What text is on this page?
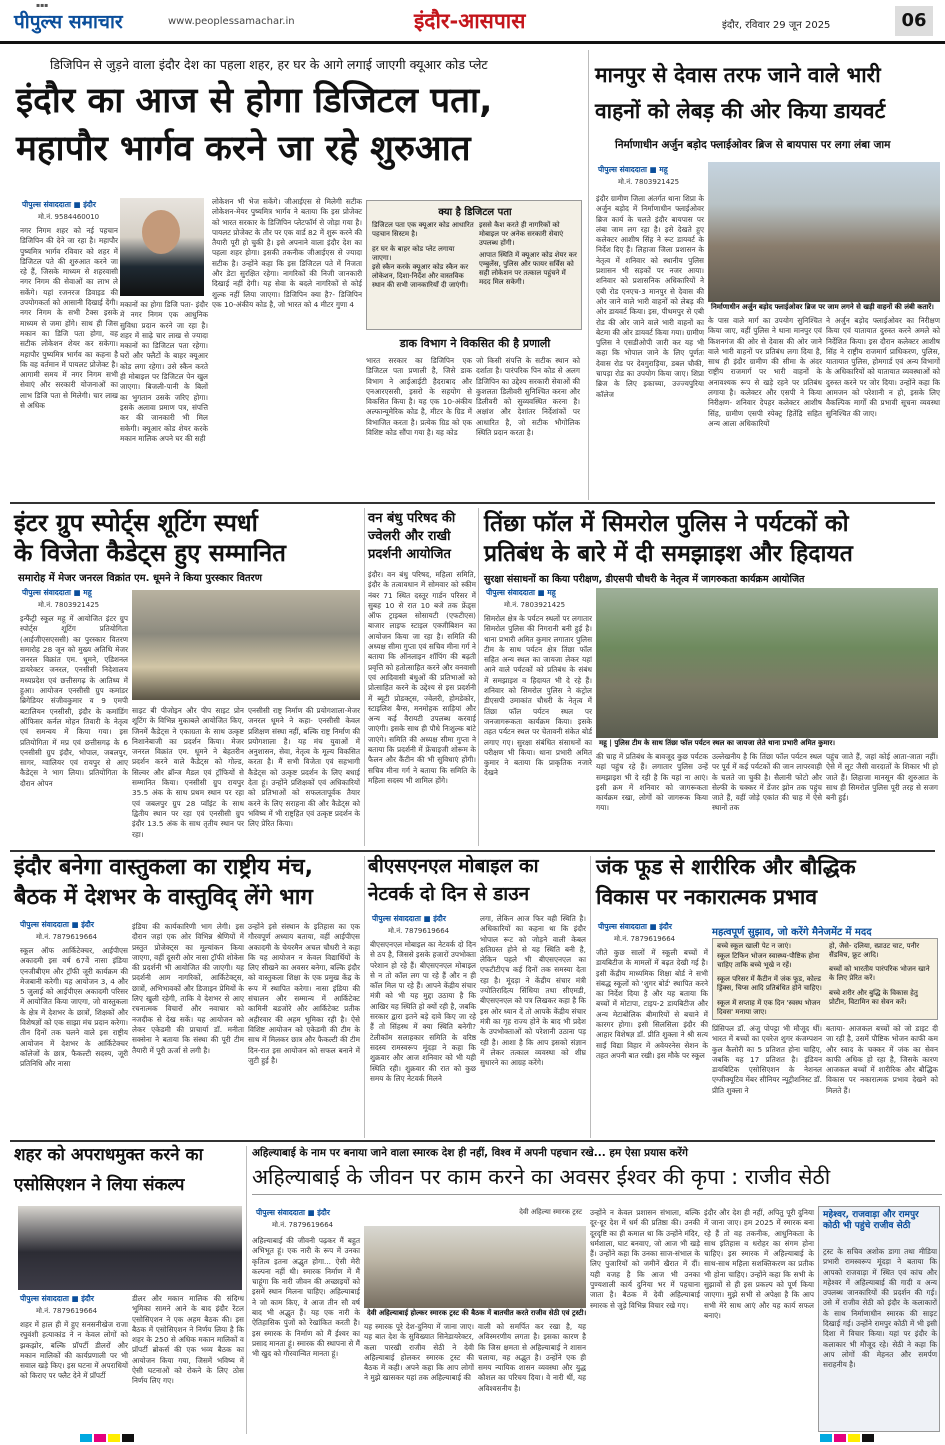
▪▪▪
पीपुल्स समाचार	www.peoplessamachar.in	इंदौर-आसपास	इंदौर, रविवार 29 जून 2025	06
डिजिपिन से जुड़ने वाला इंदौर देश का पहला शहर, हर घर के आगे लगाई जाएगी क्यूआर कोड प्लेट
इंदौर का आज से होगा डिजिटल पता,
महापौर भार्गव करने जा रहे शुरुआत
पीपुल्स संवाददाता ■ इंदौर
मो.नं. 9584460010
नगर निगम शहर को नई पहचान डिजिपिन की देने जा रहा है। महापौर पुष्यमित्र भार्गव रविवार को शहर में डिजिटल पते की शुरुआत करने जा रहे हैं, जिसके माध्यम से शहरवासी नगर निगम की सेवाओं का लाभ ले सकेंगे। यहां रजनरज डिवाइड की उपयोगकर्ता को आसानी दिखाई देंगी। नगर निगम के सभी टैक्स इसके माध्यम से जमा होंगे। साथ ही जिस मकान का डिजि पता होगा, वह सटीक लोकेशन शेयर कर सकेगा। महापौर पुष्यमित्र भार्गव का कहना है कि वह वर्तमान में पायलट प्रोजेक्ट है। आगामी समय में नगर निगम सभी सेवाएं और सरकारी योजनाओं का लाभ डिजि पता से मिलेगी। चार लाख से अधिक
मकानों का होगा डिजि पता- इंदौर में नगर निगम एक आधुनिक सुविधा प्रदान करने जा रहा है। शहर में साढ़े चार लाख से ज्यादा मकानों का डिजिटल पता रहेगा। घरों और फ्लैटों के बाहर क्यूआर कोड लगा रहेगा। उसे स्कैन करते ही मोबाइल पर डिजिटल पेन खुल जाएगा। बिजली-पानी के बिलों का भुगतान उसके जरिए होगा। इसके अलावा प्रमाण पत्र, संपत्ति कर की जानकारी भी मिल सकेगी। क्यूआर कोड शेयर करके मकान मालिक अपने घर की सही
लोकेशन भी भेज सकेंगे। जीआईएस से मिलेगी सटीक लोकेशन-मेयर पुष्यमित्र भार्गव ने बताया कि इस प्रोजेक्ट को भारत सरकार के डिजिपिन प्लेटफॉर्म से जोड़ा गया है। पायलट प्रोजेक्ट के तौर पर एक वार्ड 82 में शुरू करने की तैयारी पूरी हो चुकी है। इसे अपनाने वाला इंदौर देश का पहला शहर होगा। इसकी तकनीक जीआईएस से ज्यादा सटीक है। उन्होंने कहा कि इस डिजिटल पते में निजता और डेटा सुरक्षित रहेगा। नागरिकों की निजी जानकारी दिखाई नहीं देगी। यह सेवा के बदले नागरिकों से कोई शुल्क नहीं लिया जाएगा। डिजिपिन क्या है?- डिजिपिन एक 10-अंकीय कोड है, जो भारत को 4 मीटर गुणा 4
क्या है डिजिटल पता
डिजिटल पता एक क्यूआर कोड आधारित पहचान सिस्टम है।
हर घर के बाहर कोड प्लेट लगाया जाएगा।
इसे स्कैन करके क्यूआर कोड स्कैन कर लोकेशन, दिशा-निर्देश और वास्तविक स्थान की सभी जानकारियाँ दी जाएंगी।
इससे कैश करते ही नागरिकों को मोबाइल पर अनेक सरकारी सेवाएं उपलब्ध होंगी।
आपात स्थिति में क्यूआर कोड शेयर कर एम्बुलेंस, पुलिस और फायर सर्विस को सही लोकेशन पर तत्काल पहुंचने में मदद मिल सकेगी।
डाक विभाग ने विकसित की है प्रणाली
भारत सरकार का डिजिपिन एक डिजिटल पता प्रणाली है, जिसे डाक विभाग ने आईआईटी हैदराबाद और एनआरएससी, इसरो के सहयोग से विकसित किया है। यह एक 10-अंकीय अल्फान्यूमेरिक कोड है, मीटर के ग्रिड में विभाजित करता है। प्रत्येक ग्रिड को एक विशिष्ट कोड सौंपा गया है। यह कोड
जो किसी संपत्ति के सटीक स्थान को दर्शाता है। पारंपरिक पिन कोड से अलग डिजिपिन का उद्देश्य सरकारी सेवाओं की कुशलता डिलीवरी सुनिश्चित करना और डिलीवरी को सुव्यवस्थित करना है। अक्षांश और देशांतर निर्देशांकों पर आधारित है, जो सटीक भौगोलिक स्थिति प्रदान करता है।
मानपुर से देवास तरफ जाने वाले भारी
वाहनों को लेबड़ की ओर किया डायवर्ट
निर्माणाधीन अर्जुन बड़ोद फ्लाईओवर ब्रिज से बायपास पर लगा लंबा जाम
पीपुल्स संवाददाता ■ महू
मो.नं. 7803921425
इंदौर ग्रामीण जिला अंतर्गत थाना शिप्रा के अर्जुन बड़ोद में निर्माणाधीन फ्लाईओवर ब्रिज कार्य के चलते इंदौर बायपास पर लंबा जाम लग रहा है। इसे देखते हुए कलेक्टर आशीष सिंह ने रूट डायवर्ट के निर्देश दिए हैं। लिहाजा जिला प्रशासन के नेतृत्व में शनिवार को स्थानीय पुलिस प्रशासन भी सड़कों पर नजर आया। शनिवार को प्रशासनिक अधिकारियों ने एबी रोड एनएच-3 मानपुर से देवास की ओर जाने वाले भारी वाहनों को लेबड़ की ओर डायवर्ट किया। इस, पीथमपुर से एबी रोड की ओर जाने वाले भारी वाहनों का बेटमा की ओर डायवर्ट किया गया। ग्रामीण पुलिस ने एसडीओपी जारी कर यह भी कहा कि भोपाल जाने के लिए पूर्णतः देवास रोड पर देवगुराड़िया, डबल चौकी, चापड़ा रोड का उपयोग किया जाए। शिप्रा ब्रिज के लिए इकाच्या, उज्ज्यपुरिया कॉलेज
निर्माणाधीन अर्जुन बड़ोद फ्लाईओवर ब्रिज पर जाम लगने से खड़ी वाहनों की लंबी कतारें।
के पास वाले मार्ग का उपयोग सुनिश्चित किया जाए, वहीं पुलिस ने थाना मानपुर एवं किशनगंज की ओर से देवास की ओर जाने वाले भारी वाहनों पर प्रतिबंध लगा दिया है, साथ ही इंदौर ग्रामीण की सीमा के अंदर राष्ट्रीय राजमार्ग पर भारी वाहनों के अनावश्यक रूप से खड़े रहने पर प्रतिबंध लगाया है। कलेक्टर और एसपी ने किया निरीक्षण- शनिवार देपहर कलेक्टर आशीष सिंह, ग्रामीण एसपी स्पेक्ट्र हितेंद्रि सहित अन्य आला अधिकारियों
ने अर्जुन बड़ोद फ्लाईओवर का निरीक्षण किया एवं यातायात दुरुस्त करने अमले को निर्देशित किया। इस दौरान कलेक्टर आशीष सिंह ने राष्ट्रीय राजमार्ग प्राधिकरण, पुलिस, यातायात पुलिस, होमगार्ड एवं अन्य विभागों के अधिकारियों को यातायात व्यवस्थाओं को दुरुस्त करने पर जोर दिया। उन्होंने कहा कि आमजन को परेशानी न हो, इसके लिए वैकल्पिक मार्गों की प्रभावी सूचना व्यवस्था सुनिश्चित की जाए।
इंटर ग्रुप स्पोर्ट्स शूटिंग स्पर्धा
के विजेता कैडेट्स हुए सम्मानित
समारोह में मेजर जनरल विक्रांत एम. धूमने ने किया पुरस्कार वितरण
पीपुल्स संवाददाता ■ महू
मो.नं. 7803921425
इन्फैंट्री स्कूल महू में आयोजित इंटर ग्रुप स्पोर्ट्स शूटिंग प्रतियोगिता (आईजीएसएससी) का पुरस्कार वितरण समारोह 28 जून को मुख्य अतिथि मेजर जनरल विक्रांत एम. धूमने, एडिशनल डायरेक्टर जनरल, एनसीसी निदेशालय मध्यप्रदेश एवं छत्तीसगढ़ के आतिथ्य में हुआ। आयोजन एनसीसी ग्रुप कमांडर ब्रिगेडियर संजीवकुमार व 9 एमपी बटालियन एनसीसी, इंदौर के कमांडिंग ऑफिसर कर्नल मोहन तिवारी के नेतृत्व एवं समन्वय में किया गया। इस प्रतियोगिता में मप्र एवं छत्तीसगढ़ के 6 एनसीसी ग्रुप इंदौर, भोपाल, जबलपुर, सागर, ग्वालियर एवं रायपुर से आए कैडेट्स ने भाग लिया। प्रतियोगिता के दौरान ओपन
साइट बी पीजोइन और पीप साइट प्रोन शूटिंग के विभिन्न मुकाबले आयोजित किए, जिनमें कैडेट्स ने एकाग्रता के साथ उत्कृष्ट निशानेबाजी का प्रदर्शन किया। मेजर जनरल विक्रांत एम. धूमने ने बेहतरीन प्रदर्शन करने वाले कैडेट्स को गोल्ड, सिल्वर और ब्रॉन्ज मैडल एवं ट्रॉफियों से सम्मानित किया। एनसीसी ग्रुप रायपुर 35.5 अंक के साथ प्रथम स्थान पर रहा एवं जबलपुर ग्रुप 28 प्वॉइंट के साथ द्वितीय स्थान पर रहा एवं एनसीसी ग्रुप इंदौर 13.5 अंक के साथ तृतीय स्थान पर रहा।
एनसीसी राष्ट्र निर्माण की प्रयोगशाला-मेजर जनरल धूमने ने कहा- एनसीसी केवल प्रशिक्षण संस्था नहीं, बल्कि राष्ट्र निर्माण की प्रयोगशाला है। यह मंच युवाओं में अनुशासन, सेवा, नेतृत्व के मूल्य विकसित करता है। मैं सभी विजेता एवं सहभागी कैडेट्स को उत्कृष्ट प्रदर्शन के लिए बधाई देता हूं। उन्होंने प्रशिक्षकों एवं अधिकारियों को प्रतिभाओं को सफलतापूर्वक तैयार करने के लिए सराहना की और कैडेट्स को भविष्य में भी राष्ट्रहित एवं उत्कृष्ट प्रदर्शन के लिए प्रेरित किया।
वन बंधु परिषद की
ज्वेलरी और राखी
प्रदर्शनी आयोजित
इंदौर। वन बंधु परिषद, महिला समिति, इंदौर के तत्वावधान में सोमवार को स्कीम नंबर 71 स्थित दस्तूर गार्डन परिसर में सुबह 10 से रात 10 बजे तक फ्रेंड्स ऑफ ट्राइबल सोसायटी (एफटीएस) बाजार लाइफ स्टाइल एक्जीबिशन का आयोजन किया जा रहा है। समिति की अध्यक्ष सीमा गुप्ता एवं सचिव मीना गर्ग ने बताया कि ऑनलाइन शॉपिंग की बढ़ती प्रवृत्ति को हतोत्साहित करने और वनवासी एवं आदिवासी बंधुओं की प्रतिभाओं को प्रोत्साहित करने के उद्देश्य से इस प्रदर्शनी में ब्यूटी प्रोडक्ट्स, ज्वेलरी, होमडेकोर, स्टाइलिश बैग्स, मनमोहक साड़ियां और अन्य कई वैरायटी उपलब्ध करवाई जाएंगी। इसके साथ ही पौधे निःशुल्क बांटे जाएंगे। समिति की अध्यक्ष सीमा गुप्ता ने बताया कि प्रदर्शनी में फ्रेंचाइजी शोरूम के फैलन और कैंटीन की भी सुविधाएं होंगी। सचिव मीना गर्ग ने बताया कि समिति के महिला सदस्य भी शामिल होंगे।
तिंछा फॉल में सिमरोल पुलिस ने पर्यटकों को
प्रतिबंध के बारे में दी समझाइश और हिदायत
सुरक्षा संसाधनों का किया परीक्षण, डीएसपी चौधरी के नेतृत्व में जागरुकता कार्यक्रम आयोजित
पीपुल्स संवाददाता ■ महू
मो.नं. 7803921425
सिमरोल क्षेत्र के पर्यटन स्थलों पर लगातार सिमरोल पुलिस की निगरानी बनी हुई है। थाना प्रभारी अमित कुमार लगातार पुलिस टीम के साथ पर्यटन क्षेत्र तिंछा फॉल सहित अन्य स्थल का जायजा लेकर यहां आने वाले पर्यटकों को प्रतिबंध के संबंध में समझाइश व हिदायत भी दे रहे हैं। शनिवार को सिमरोल पुलिस ने कंट्रोल डीएसपी उमाकांत चौधरी के नेतृत्व में तिंछा फॉल पर्यटन स्थल पर जनजागरूकता कार्यक्रम किया। इसके तहत पर्यटन स्थल पर चेतावनी संकेत बोर्ड लगाए गए। सुरक्षा संबंधित संसाधनों का परीक्षण भी किया। थाना प्रभारी अमित कुमार ने बताया कि प्राकृतिक नजारे देखने
महू | पुलिस टीम के साथ तिंछा फॉल पर्यटन स्थल का जायजा लेते थाना प्रभारी अमित कुमार।
की चाह में प्रतिबंध के बावजूद कुछ पर्यटक यहां पहुंच रहे हैं। लगातार पुलिस उन्हें समझाइश भी दे रही है कि यहां ना आएं। इसी क्रम में शनिवार को जागरूकता कार्यक्रम रखा, लोगों को जागरूक किया गया।
उल्लेखनीय है कि तिंछा फॉल पर्यटन स्थल पर पूर्व में कई पर्यटकों की जान लापरवाही के चलते जा चुकी है। सैलानी फोटो और सेल्फी के चक्कर में डेंजर झोन तक पहुंच जाते हैं, वहीं जोड़े एकांत की चाह में ऐसे स्थानों तक
पहुंच जाते हैं, जहां कोई आता-जाता नहीं। ऐसे में लूट जैसी वारदातों के शिकार भी हो जाते हैं। लिहाजा मानसून की शुरुआत के साथ ही सिमरोल पुलिस पूरी तरह से सजग बनी हुई।
इंदौर बनेगा वास्तुकला का राष्ट्रीय मंच,
बैठक में देशभर के वास्तुविद् लेंगे भाग
पीपुल्स संवाददाता ■ इंदौर
मो.नं. 7879619664
स्कूल ऑफ आर्किटेक्चर, आईपीएस अकादमी इस वर्ष 67वें नासा इंडिया एनजीबीएम और ट्रॉफी जूरी कार्यक्रम की मेजबानी करेगी। यह आयोजन 3, 4 और 5 जुलाई को आईपीएस अकादमी परिसर में आयोजित किया जाएगा, जो वास्तुकला के क्षेत्र में देशभर के छात्रों, शिक्षकों और विशेषज्ञों को एक साझा मंच प्रदान करेगा। तीन दिनों तक चलने वाले इस राष्ट्रीय आयोजन में देशभर के आर्किटेक्चर कॉलेजों के छात्र, फैकल्टी सदस्य, जूरी प्रतिनिधि और नासा
इंडिया की कार्यकारिणी भाग लेगी। इस दौरान जहां एक ओर विभिन्न श्रेणियों में प्रस्तुत प्रोजेक्ट्स का मूल्यांकन किया जाएगा, वहीं दूसरी ओर नासा ट्रॉफी शोकेस की प्रदर्शनी भी आयोजित की जाएगी। यह प्रदर्शनी आम नागरिकों, आर्किटेक्ट्स, छात्रों, अभिभावकों और डिजाइन प्रेमियों के लिए खुली रहेगी, ताकि वे देशभर से आए रचनात्मक विचारों और नवाचार को नजदीक से देख सकें। यह आयोजन को लेकर एकेडमी की प्राचार्या डॉ. मनीता सक्सेना ने बताया कि संस्था की पूरी टीम तैयारी में पूरी ऊर्जा से लगी है।
उन्होंने इसे संस्थान के इतिहास का एक गौरवपूर्ण अध्याय बताया, वहीं आईपीएस अकादमी के चेयरमैन अचल चौधरी ने कहा कि यह आयोजन न केवल विद्यार्थियों के लिए सीखने का अवसर बनेगा, बल्कि इंदौर को वास्तुकला शिक्षा के एक प्रमुख केंद्र के रूप में स्थापित करेगा। नासा इंडिया की संचालन और सम्मान्य में आर्किटेक्ट कामिनी बडजोरे और आर्किटेक्ट प्रतीक अहीरवार की अहम भूमिका रही है। ऐसे विशिष्ट आयोजन को एकेडमी की टीम के साथ में मिलकर छात्र और फैकल्टी की टीम दिन-रात इस आयोजन को सफल बनाने में जुटी हुई है।
बीएसएनएल मोबाइल का
नेटवर्क दो दिन से डाउन
पीपुल्स संवाददाता ■ इंदौर
मो.नं. 7879619664
बीएसएनएल मोबाइल का नेटवर्क दो दिन से ठप है, जिससे इसके हजारों उपभोक्ता परेशान हो रहे हैं। बीएसएनएल मोबाइल से न तो कॉल लग पा रहे हैं और न ही कॉल मिल पा रहे हैं। आपने केंद्रीय संचार मंत्री को भी यह मुद्दा उठाया है कि आखिर यह स्थिति हो क्यों रही है, जबकि सरकार द्वारा इतने बड़े दावे किए जा रहे हैं तो सिंहस्थ में क्या स्थिति बनेगी? टेलीकॉम सलाहकार समिति के वरिष्ठ सदस्य रामस्वरूप मूंदड़ा ने कहा कि शुक्रवार और आज शनिवार को भी यही स्थिति रही। शुक्रवार की रात को कुछ समय के लिए नेटवर्क मिलने
लगा, लेकिन आज फिर वही स्थिति है। अधिकारियों का कहना था कि इंदौर भोपाल रूट को जोड़ने वाली केबल क्षतिग्रस्त होने से यह स्थिति बनी है, लेकिन पहले भी बीएसएनएल का एफटीटीएच कई दिनों तक समस्या देता रहा है। मूंदड़ा ने केंद्रीय संचार मंत्री ज्योतिरादित्य सिंधिया तथा सीएमडी, बीएसएनएल को पत्र लिखकर कहा है कि इस ओर ध्यान दें तो आपके केंद्रीय संचार मंत्री का गृह राज्य होने के बाद भी प्रदेश के उपभोक्ताओं को परेशानी उठाना पड़ रही है। आशा है कि आप इसको संज्ञान में लेकर तत्काल व्यवस्था को शीघ्र सुधारने का आग्रह करेंगे।
जंक फूड से शारीरिक और बौद्धिक
विकास पर नकारात्मक प्रभाव
महत्वपूर्ण सुझाव, जो करेंगे मैनेजमेंट में मदद
पीपुल्स संवाददाता ■ इंदौर
मो.नं. 7879619664
बच्चे स्कूल खाली पेट न जाएं।
स्कूल टिफिन भोजन स्वास्थ्य-पौष्टिक होना चाहिए ताकि बच्चे भूखे न रहें।
स्कूल परिसर में कैंटीन में जंक फूड, कोल्ड ड्रिंक्स, चिप्स आदि प्रतिबंधित होने चाहिए।
स्कूल में सप्ताह में एक दिन 'स्वस्थ भोजन दिवस' मनाया जाए।
हो, जैसे- दलिया, स्प्राउट चाट, पनीर सैंडविच, फ्रूट आदि।
बच्चों को भारतीय पारंपरिक भोजन खाने के लिए प्रेरित करें।
बच्चे शरीर और बुद्धि के विकास हेतु प्रोटीन, विटामिन का सेवन करें।
जीते कुछ सालों में स्कूली बच्चों में डायबिटीज के मामलों में बढ़त देखी गई है। इसी केंद्रीय माध्यमिक शिक्षा बोर्ड ने सभी संबद्ध स्कूलों को 'शुगर बोर्ड' स्थापित करने का निर्देश दिया है और यह बताया कि बच्चों में मोटापा, टाइप-2 डायबिटीज और अन्य मेटाबोलिक बीमारियों से बचाने में कारगर होगा। इसी सिलसिला इंदौर की आहार विशेषज्ञ डॉ. प्रीति शुक्ला ने श्री सत्य साईं विद्या विहार में अवेयरनेस सेशन के तहत अपनी बात रखी। इस मौके पर स्कूल
प्रिंसिपल डॉ. अंजु पोपट्टा भी मौजूद थीं। भारत में बच्चों का एवरेज शुगर कंजम्पशन कुल कैलोरी का 5 प्रतिशत होना चाहिए, जबकि यह 17 प्रतिशत है। इंडियन डायबिटिक एसोसिएशन के नेशनल एग्जीक्यूटिव मेंबर सीनियर न्यूट्रीशनिस्ट डॉ. प्रीति शुक्ला ने
बताया- आजकल बच्चों को जो डाइट दी जा रही है, उसमें पौष्टिक भोजन काफी कम और स्वाद के चक्कर में जंक का सेवन काफी अधिक हो रहा है, जिसके कारण आजकल बच्चों में शारीरिक और बौद्धिक विकास पर नकारात्मक प्रभाव देखने को मिलते हैं।
शहर को अपराधमुक्त करने का
एसोसिएशन ने लिया संकल्प
पीपुल्स संवाददाता ■ इंदौर
मो.नं. 7879619664
शहर में हाल ही में हुए सनसनीखेज राजा रघुवंशी हत्याकांड ने न केवल लोगों को झकझोर, बल्कि प्रॉपर्टी डीलरों और मकान मालिकों की कार्यप्रणाली पर भी सवाल खड़े किए। इस घटना में अपराधियों को किराए पर फ्लैट देने में प्रॉपर्टी
डीलर और मकान मालिक की संदिग्ध भूमिका सामने आने के बाद इंदौर रेंटल एसोसिएशन ने एक अहम बैठक की। इस बैठक में एसोसिएशन ने निर्णय लिया है कि शहर के 250 से अधिक मकान मालिकों व प्रॉपर्टी ब्रोकर्स की एक भव्य बैठक का आयोजन किया गया, जिसमें भविष्य में ऐसी घटनाओं को रोकने के लिए ठोस निर्णय लिए गए।
अहिल्याबाई के नाम पर बनाया जाने वाला स्मारक देश ही नहीं, विश्व में अपनी पहचान रखे... हम ऐसा प्रयास करेंगे
अहिल्याबाई के जीवन पर काम करने का अवसर ईश्वर की कृपा : राजीव सेठी
पीपुल्स संवाददाता ■ इंदौर
मो.नं. 7879619664
देवी अहिल्या स्मारक ट्रस्ट
देवी अहिल्याबाई होल्कर स्मारक ट्रस्ट की बैठक में बातचीत करते राजीव सेठी एवं ट्रस्टी।
अहिल्याबाई की जीवनी पढ़कर मैं बहुत अभिभूत हूं। एक नारी के रूप में उनका कृतित्व इतना अद्भुत होगा... ऐसी मेरी कल्पना नहीं थी। स्मारक निर्माण में मैं चाहूंगा कि नारी जीवन की अच्छाइयों को इसमें स्थान मिलना चाहिए। अहिल्याबाई ने जो काम किए, वे आज तीन सौ वर्ष बाद भी अद्भुत हैं। यह एक नारी के ऐतिहासिक पुंजों को रेखांकित करती है। इस स्मारक के निर्माण को मैं ईश्वर का प्रसाद मानता हूं। स्मारक की स्थापना से मैं भी खुद को गौरवान्वित मानता हूं।
यह स्मारक पूरे देश-दुनिया में जाना जाए। यह बात देश के सुविख्यात सिनेडायरेक्टर, कला पारखी राजीव सेठी ने देवी अहिल्याबाई होलकर स्मारक ट्रस्ट की बैठक में कही। अपने कहा कि आप लोगों ने मुझे खासकर यहां तक अहिल्याबाई की
वाली को समर्पित कर रखा है, यह अविस्मरणीय लगता है। इसका कारण है कि जिस क्षमता से अहिल्याबाई ने शासन चलाया, वह अद्भुत है। उन्होंने एक ही समय न्यायिक शासन व्यवस्था और युद्ध कौशल का परिचय दिया। वे नारी थीं, यह अविश्वसनीय है।
उन्होंने न केवल प्रशासन संभाला, बल्कि दूर-दूर देश में धर्म की प्रतिष्ठा की। उनकी दूरदृष्टि का ही कमाल था कि उन्होंने मंदिर, धर्मशाला, घाट बनवाए, जो आज भी खड़े हैं। उन्होंने कहा कि उनका साज-संभाल के लिए पुजारियों को जमीनें खैरात में दीं। यही वजह है कि आज भी उनका पुण्यशाली कार्य दुनिया भर में पहचाना जाता है। बैठक में देवी अहिल्याबाई स्मारक से जुड़े विभिन्न विचार रखे गए।
इंदौर और देश ही नहीं, अपितु पूरी दुनिया में जाना जाए। हम 2025 में स्मारक बना रहे हैं तो वह तकनीक, आधुनिकता के साथ इतिहास व धरोहर का संगम होना चाहिए। इस स्मारक में अहिल्याबाई के साथ-साथ महिला सशक्तिकरण का प्रतीक भी होना चाहिए। उन्होंने कहा कि सभी के सुझावों से ही इस प्रकल्प को पूर्ण किया जाएगा। मुझे सभी से अपेक्षा है कि आप सभी मेरे साथ आएं और यह कार्य सफल बनाएं।
महेश्वर, राजवाड़ा और रामपुर कोठी भी पहुंचे राजीव सेठी
ट्रस्ट के सचिव अशोक डागा तथा मीडिया प्रभारी रामस्वरूप मूंदड़ा ने बताया कि आपको राजवाड़ा में स्थित एवं कांच और महेश्वर में अहिल्याबाई की गादी व अन्य उपलब्ध जानकारियों की प्रदर्शन की गई। उसे में राजीव सेठी को इंदौर के कलाकारों के साथ निर्माणाधीन स्मारक की साइट दिखाई गई। उन्होंने रामपुर कोठी में भी इसी दिशा में विचार किया। यहां पर इंदौर के कलाकार भी मौजूद रहे। सेठी ने कहा कि आप लोगों की मेहनत और समर्पण सराहनीय है।
